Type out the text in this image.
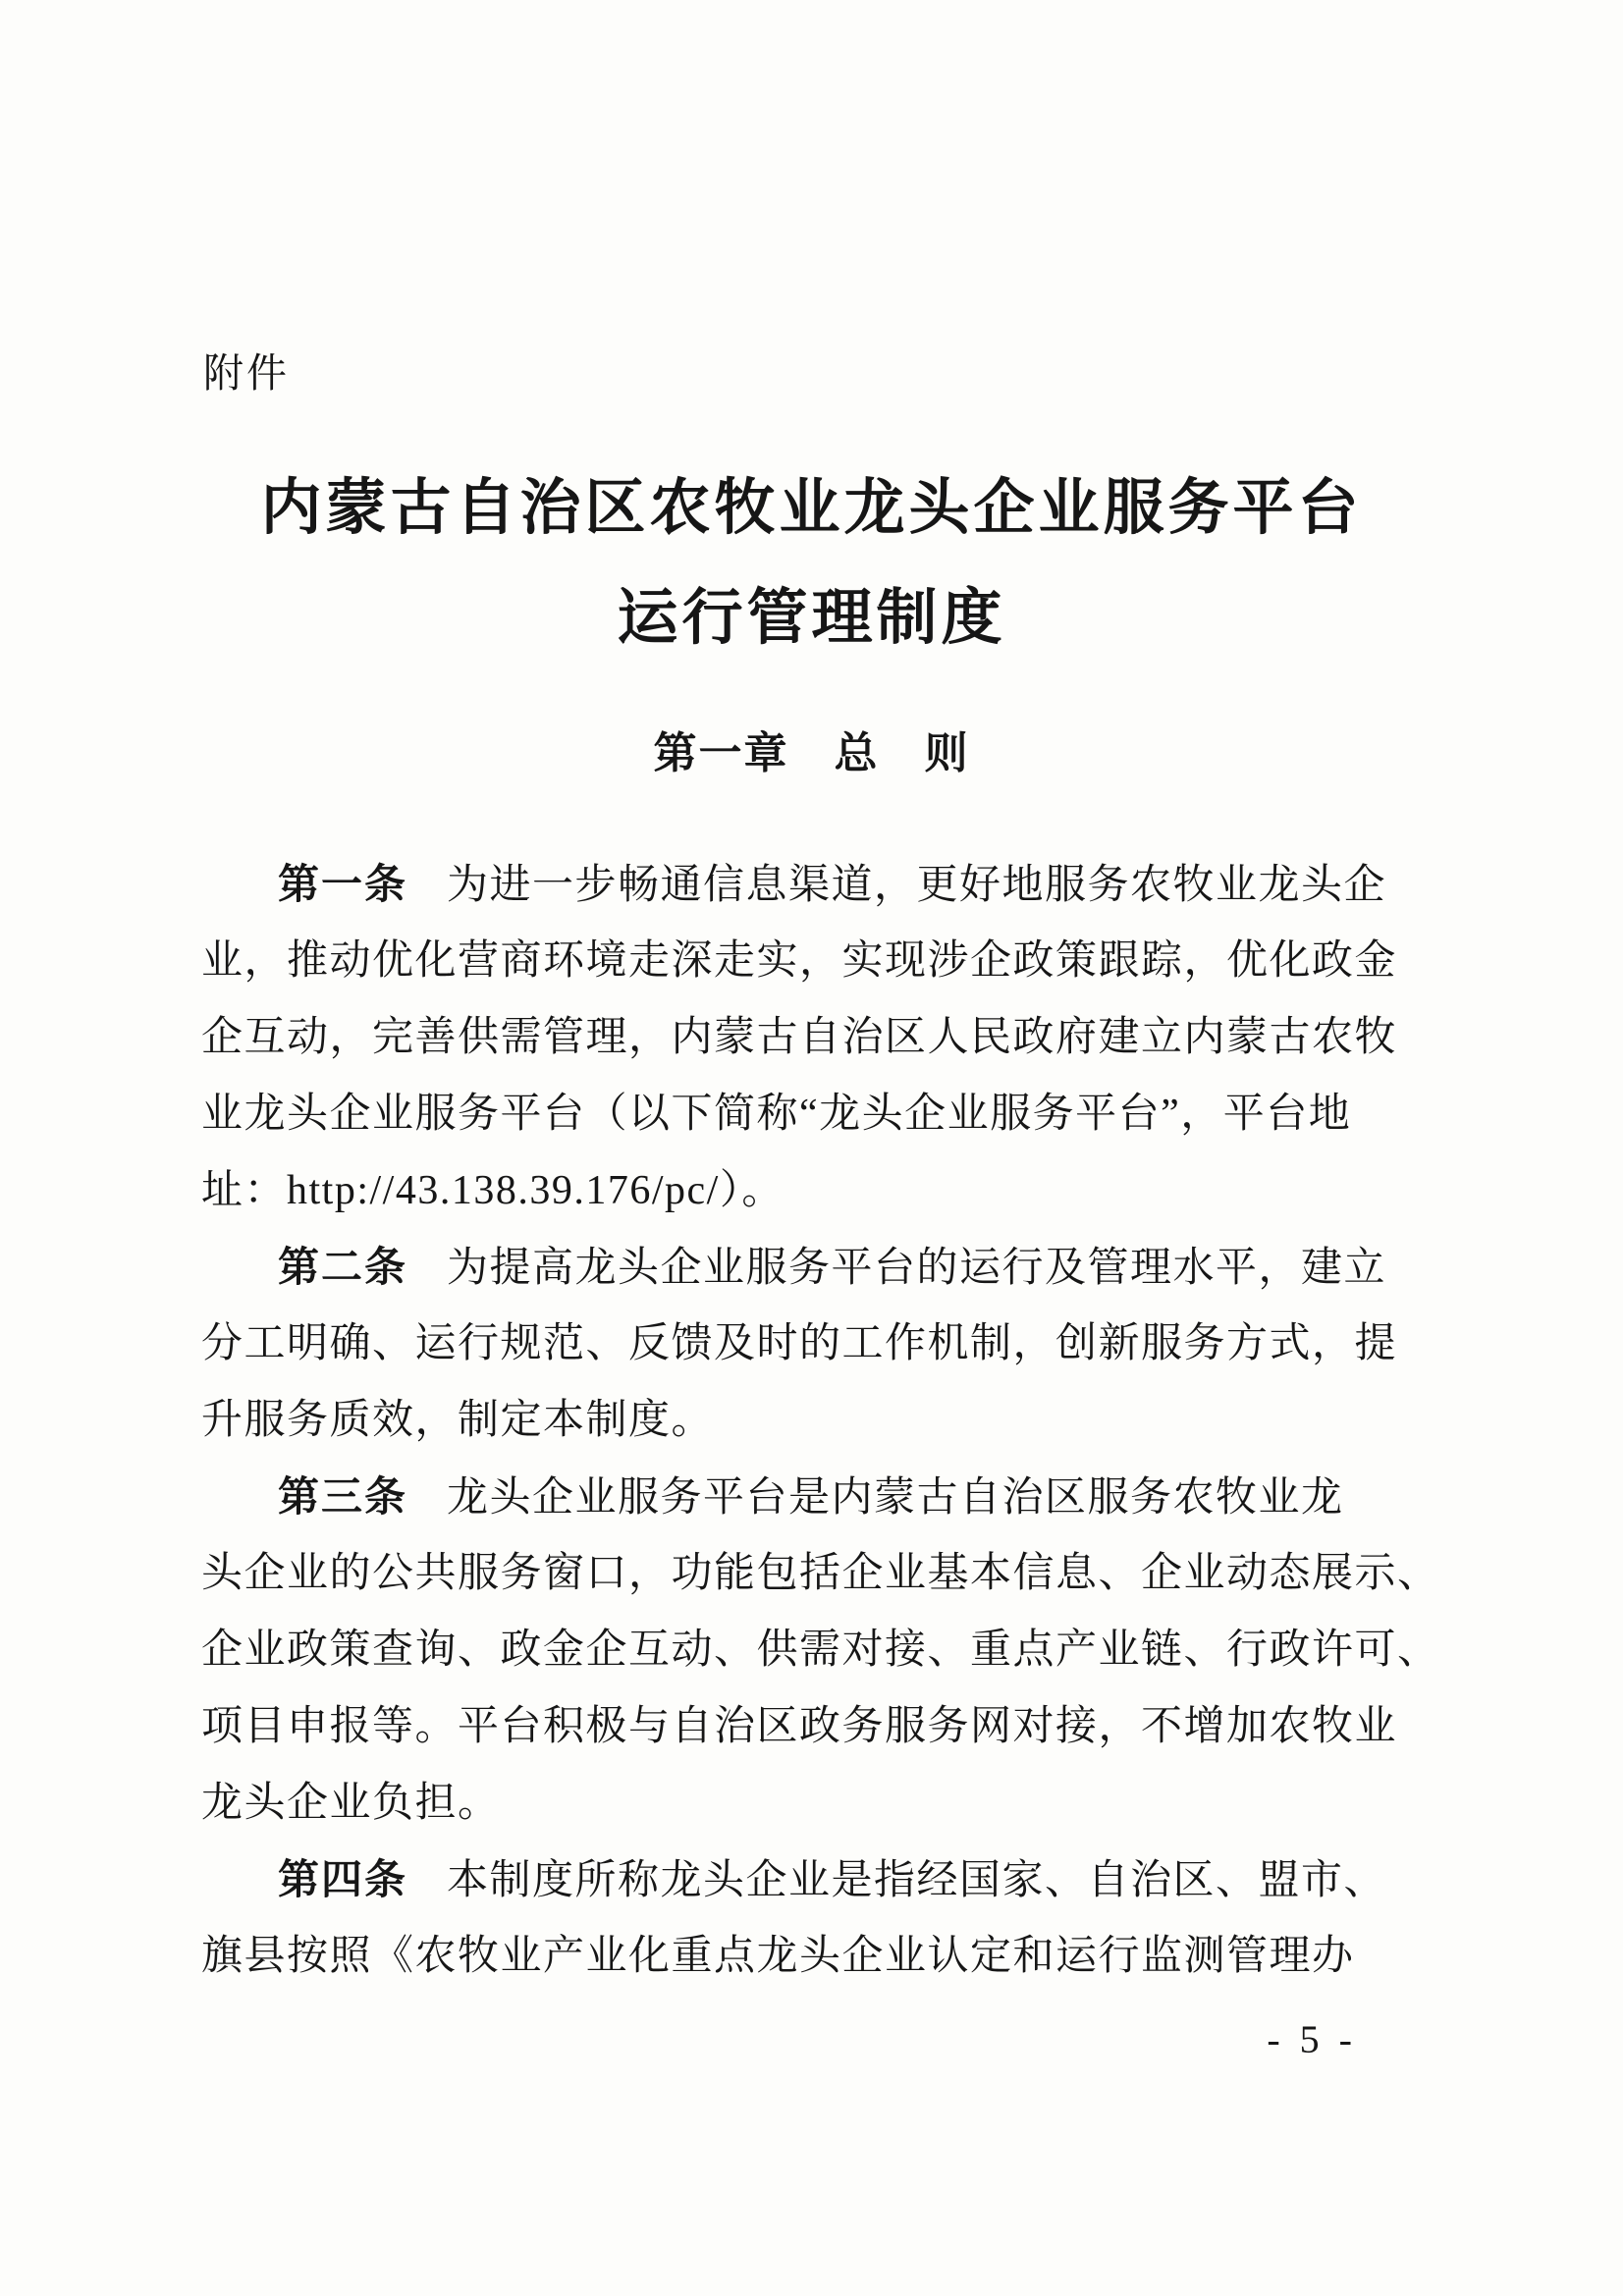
附件
内蒙古自治区农牧业龙头企业服务平台
运行管理制度
第一章　总　则
第一条 为进一步畅通信息渠道，更好地服务农牧业龙头企
业，推动优化营商环境走深走实，实现涉企政策跟踪，优化政金
企互动，完善供需管理，内蒙古自治区人民政府建立内蒙古农牧
业龙头企业服务平台（以下简称“龙头企业服务平台”，平台地
址：http://43.138.39.176/pc/）。
第二条 为提高龙头企业服务平台的运行及管理水平，建立
分工明确、运行规范、反馈及时的工作机制，创新服务方式，提
升服务质效，制定本制度。
第三条 龙头企业服务平台是内蒙古自治区服务农牧业龙
头企业的公共服务窗口，功能包括企业基本信息、企业动态展示、
企业政策查询、政金企互动、供需对接、重点产业链、行政许可、
项目申报等。平台积极与自治区政务服务网对接，不增加农牧业
龙头企业负担。
第四条 本制度所称龙头企业是指经国家、自治区、盟市、
旗县按照《农牧业产业化重点龙头企业认定和运行监测管理办
- 5 -
